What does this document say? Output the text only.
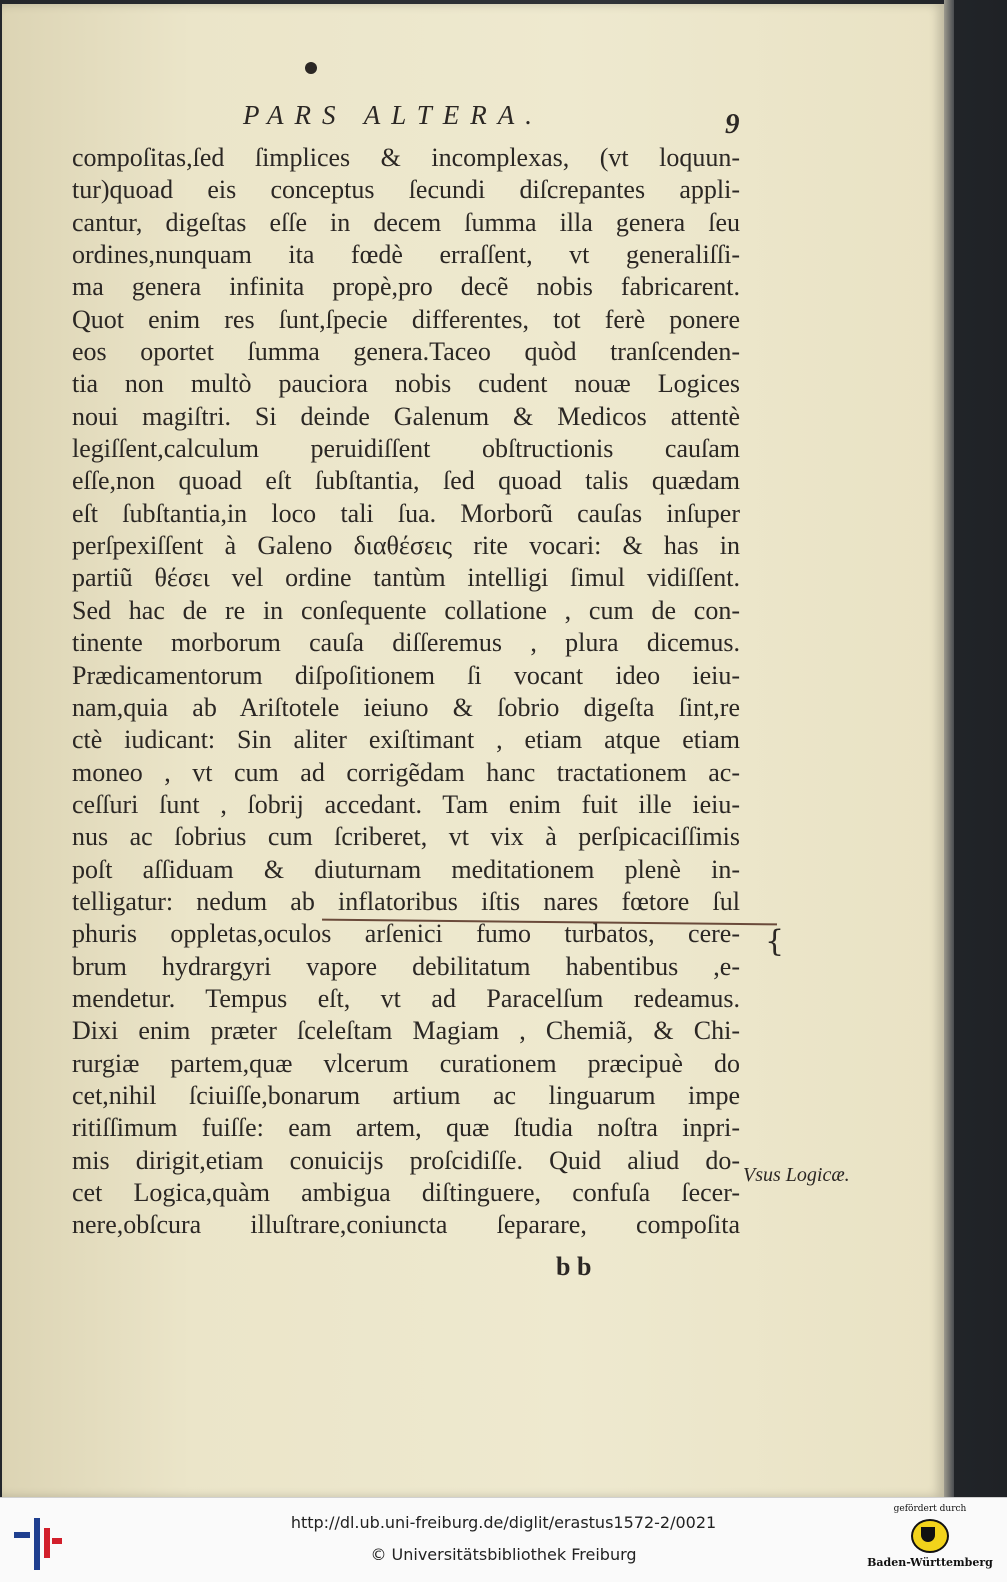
PARS ALTERA.	9
compoſitas,ſed ſimplices & incomplexas, (vt loquun-
tur)quoad eis conceptus ſecundi diſcrepantes appli-
cantur, digeſtas eſſe in decem ſumma illa genera ſeu
ordines,nunquam ita fœdè erraſſent, vt generaliſſi-
ma genera infinita propè,pro decẽ nobis fabricarent.
Quot enim res ſunt,ſpecie differentes, tot ferè ponere
eos oportet ſumma genera.Taceo quòd tranſcenden-
tia non multò pauciora nobis cudent nouæ Logices
noui magiſtri. Si deinde Galenum & Medicos attentè
legiſſent,calculum peruidiſſent obſtructionis cauſam
eſſe,non quoad eſt ſubſtantia, ſed quoad talis quædam
eſt ſubſtantia,in loco tali ſua. Morborũ cauſas inſuper
perſpexiſſent à Galeno διαθέσεις rite vocari: & has in
partiũ θέσει vel ordine tantùm intelligi ſimul vidiſſent.
Sed hac de re in conſequente collatione , cum de con-
tinente morborum cauſa diſſeremus , plura dicemus.
Prædicamentorum diſpoſitionem ſi vocant ideo ieiu-
nam,quia ab Ariſtotele ieiuno & ſobrio digeſta ſint,re
ctè iudicant: Sin aliter exiſtimant , etiam atque etiam
moneo , vt cum ad corrigẽdam hanc tractationem ac-
ceſſuri ſunt , ſobrij accedant. Tam enim fuit ille ieiu-
nus ac ſobrius cum ſcriberet, vt vix à perſpicaciſſimis
poſt aſſiduam & diuturnam meditationem plenè in-
telligatur: nedum ab inflatoribus iſtis nares fœtore ſul
phuris oppletas,oculos arſenici fumo turbatos, cere-
brum hydrargyri vapore debilitatum habentibus ,e-
mendetur. Tempus eſt, vt ad Paracelſum redeamus.
Dixi enim præter ſceleſtam Magiam , Chemiã, & Chi-
rurgiæ partem,quæ vlcerum curationem præcipuè do
cet,nihil ſciuiſſe,bonarum artium ac linguarum impe
ritiſſimum fuiſſe: eam artem, quæ ſtudia noſtra inpri-
mis dirigit,etiam conuicijs proſcidiſſe. Quid aliud do-
cet Logica,quàm ambigua diſtinguere, confuſa ſecer-
nere,obſcura illuſtrare,coniuncta ſeparare, compoſita
{
Vsus Logicæ.
b b
http://dl.ub.uni-freiburg.de/diglit/erastus1572-2/0021
© Universitätsbibliothek Freiburg
gefördert durch
Baden-Württemberg
